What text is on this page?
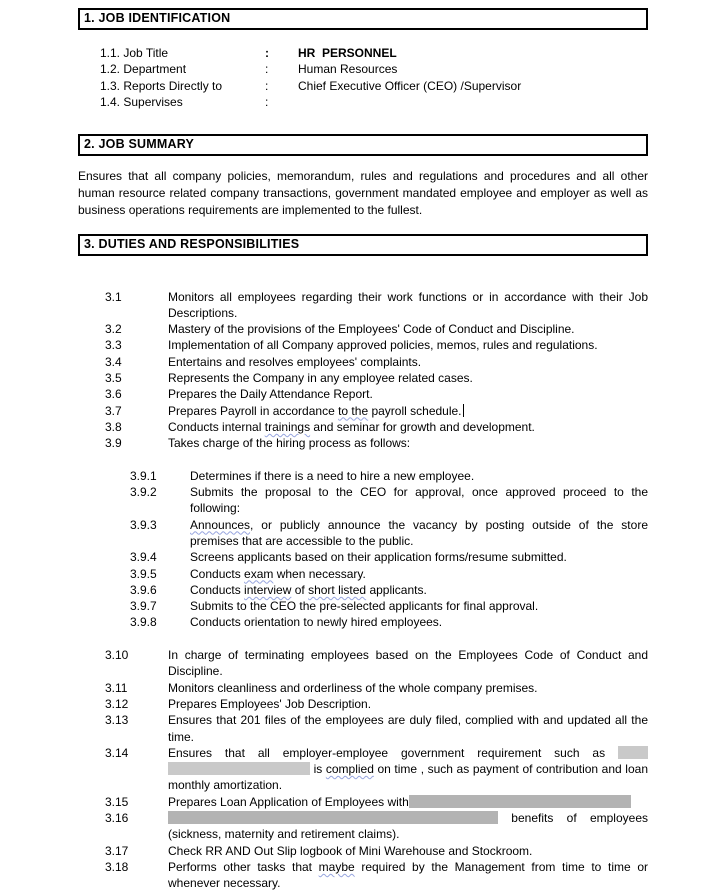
1. JOB IDENTIFICATION
1.1. Job Title	:	HR  PERSONNEL
1.2. Department	:	Human Resources
1.3. Reports Directly to	:	Chief Executive Officer (CEO) /Supervisor
1.4. Supervises	:
2. JOB SUMMARY
Ensures that all company policies, memorandum, rules and regulations and procedures and all other human resource related company transactions, government mandated employee and employer as well as business operations requirements are implemented to the fullest.
3. DUTIES AND RESPONSIBILITIES
3.1	Monitors all employees regarding their work functions or in accordance with their Job Descriptions.
3.2	Mastery of the provisions of the Employees' Code of Conduct and Discipline.
3.3	Implementation of all Company approved policies, memos, rules and regulations.
3.4	Entertains and resolves employees' complaints.
3.5	Represents the Company in any employee related cases.
3.6	Prepares the Daily Attendance Report.
3.7	Prepares Payroll in accordance to the payroll schedule.
3.8	Conducts internal trainings and seminar for growth and development.
3.9	Takes charge of the hiring process as follows:
3.9.1	Determines if there is a need to hire a new employee.
3.9.2	Submits the proposal to the CEO for approval, once approved proceed to the following:
3.9.3	Announces, or publicly announce the vacancy by posting outside of the store premises that are accessible to the public.
3.9.4	Screens applicants based on their application forms/resume submitted.
3.9.5	Conducts exam when necessary.
3.9.6	Conducts interview of short listed applicants.
3.9.7	Submits to the CEO the pre-selected applicants for final approval.
3.9.8	Conducts orientation to newly hired employees.
3.10	In charge of terminating employees based on the Employees Code of Conduct and Discipline.
3.11	Monitors cleanliness and orderliness of the whole company premises.
3.12	Prepares Employees' Job Description.
3.13	Ensures that 201 files of the employees are duly filed, complied with and updated all the time.
3.14	Ensures that all employer-employee government requirement such as   is complied on time , such as payment of contribution and loan monthly amortization.
3.15	Prepares Loan Application of Employees with
3.16	benefits of employees (sickness, maternity and retirement claims).
3.17	Check RR AND Out Slip logbook of Mini Warehouse and Stockroom.
3.18	Performs other tasks that maybe required by the Management from time to time or whenever necessary.
